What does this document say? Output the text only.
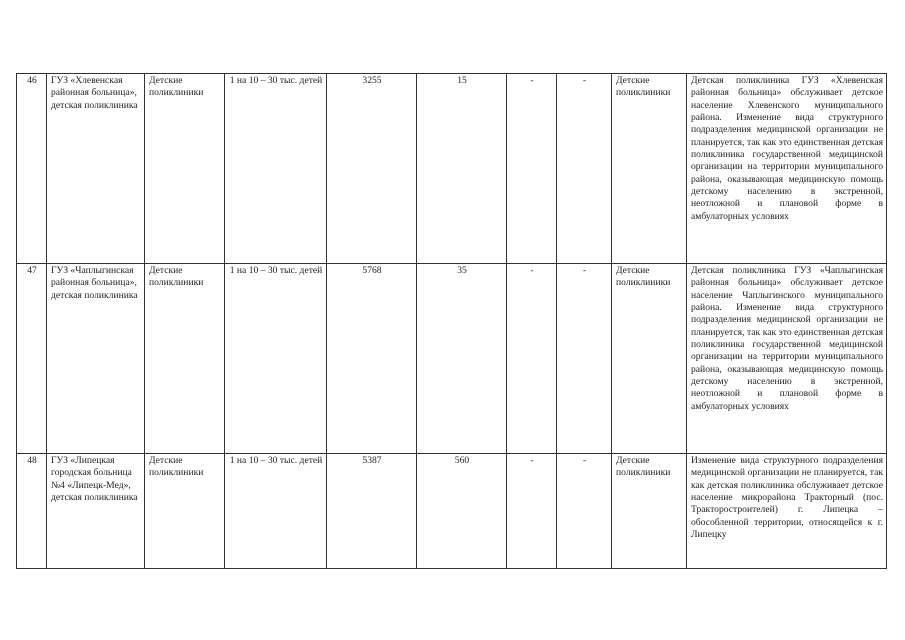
46	ГУЗ «Хлевенская районная больница», детская поликлиника	Детские поликлиники	1 на 10 – 30 тыс. детей	3255	15	-	-	Детские поликлиники	Детская поликлиника ГУЗ «Хлевенская районная больница» обслуживает детское население Хлевенского муниципального района. Изменение вида структурного подразделения медицинской организации не планируется, так как это единственная детская поликлиника государственной медицинской организации на территории муниципального района, оказывающая медицинскую помощь детскому населению в экстренной, неотложной и плановой форме в амбулаторных условиях

47	ГУЗ «Чаплыгинская районная больница», детская поликлиника	Детские поликлиники	1 на 10 – 30 тыс. детей	5768	35	-	-	Детские поликлиники	Детская поликлиника ГУЗ «Чаплыгинская районная больница» обслуживает детское население Чаплыгинского муниципального района. Изменение вида структурного подразделения медицинской организации не планируется, так как это единственная детская поликлиника государственной медицинской организации на территории муниципального района, оказывающая медицинскую помощь детскому населению в экстренной, неотложной и плановой форме в амбулаторных условиях

48	ГУЗ «Липецкая городская больница №4 «Липецк-Мед», детская поликлиника	Детские поликлиники	1 на 10 – 30 тыс. детей	5387	560	-	-	Детские поликлиники	Изменение вида структурного подразделения медицинской организации не планируется, так как детская поликлиника обслуживает детское население микрорайона Тракторный (пос. Тракторостроителей) г. Липецка – обособленной территории, относящейся к г. Липецку
